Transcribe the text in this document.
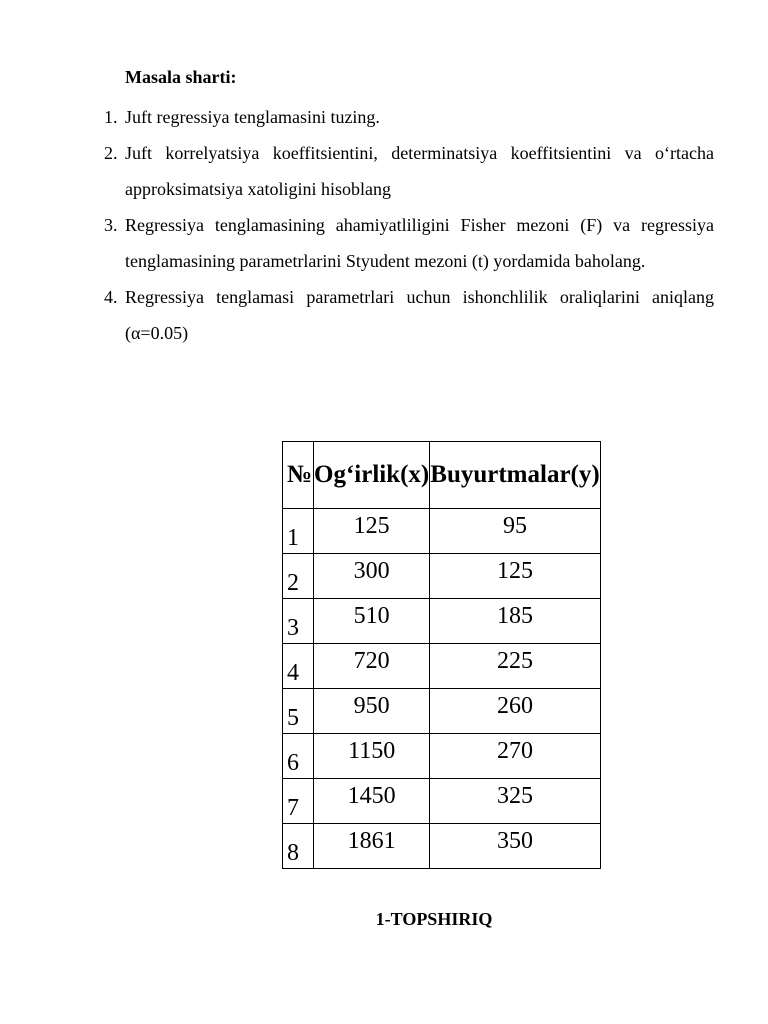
Masala sharti:
1. Juft regressiya tenglamasini tuzing.
2. Juft korrelyatsiya koeffitsientini, determinatsiya koeffitsientini va o‘rtacha approksimatsiya xatoligini hisoblang
3. Regressiya tenglamasining ahamiyatliligini Fisher mezoni (F) va regressiya tenglamasining parametrlarini Styudent mezoni (t) yordamida baholang.
4. Regressiya tenglamasi parametrlari uchun ishonchlilik oraliqlarini aniqlang (α=0.05)
№	Og‘irlik(x)	Buyurtmalar(y)
1	125	95
2	300	125
3	510	185
4	720	225
5	950	260
6	1150	270
7	1450	325
8	1861	350
1-TOPSHIRIQ
